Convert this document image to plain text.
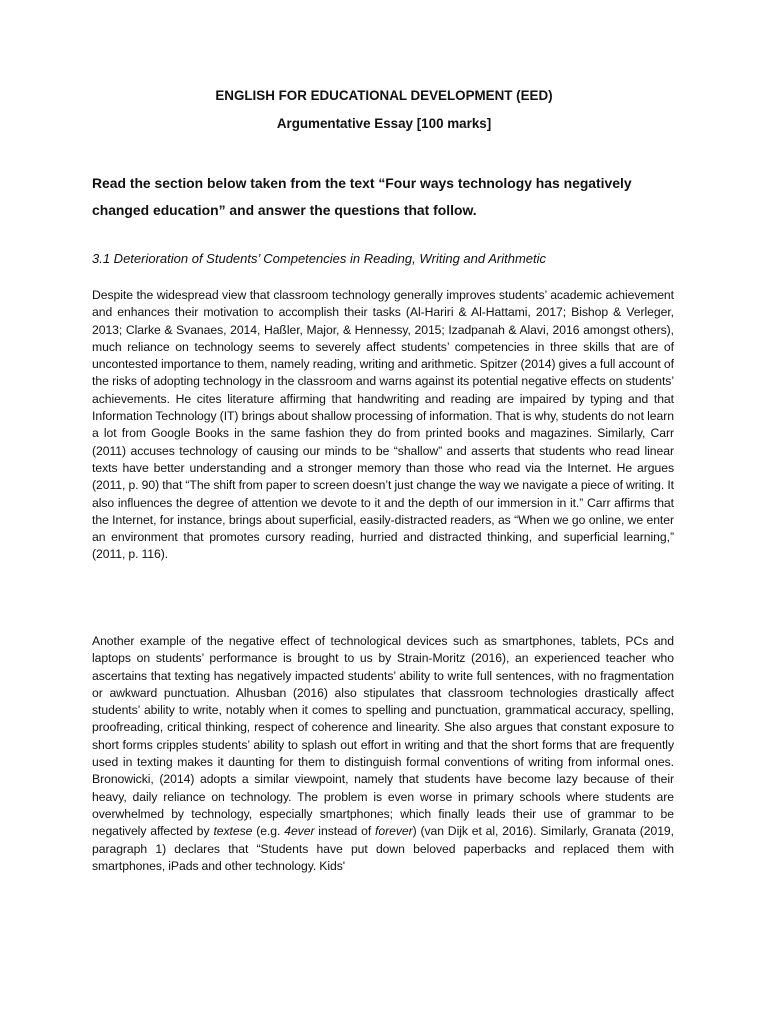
ENGLISH FOR EDUCATIONAL DEVELOPMENT (EED)

Argumentative Essay [100 marks]

Read the section below taken from the text “Four ways technology has negatively changed education” and answer the questions that follow.

3.1 Deterioration of Students’ Competencies in Reading, Writing and Arithmetic

Despite the widespread view that classroom technology generally improves students’ academic achievement and enhances their motivation to accomplish their tasks (Al-Hariri & Al-Hattami, 2017; Bishop & Verleger, 2013; Clarke & Svanaes, 2014, Haßler, Major, & Hennessy, 2015; Izadpanah & Alavi, 2016 amongst others), much reliance on technology seems to severely affect students’ competencies in three skills that are of uncontested importance to them, namely reading, writing and arithmetic. Spitzer (2014) gives a full account of the risks of adopting technology in the classroom and warns against its potential negative effects on students’ achievements. He cites literature affirming that handwriting and reading are impaired by typing and that Information Technology (IT) brings about shallow processing of information. That is why, students do not learn a lot from Google Books in the same fashion they do from printed books and magazines. Similarly, Carr (2011) accuses technology of causing our minds to be “shallow” and asserts that students who read linear texts have better understanding and a stronger memory than those who read via the Internet. He argues (2011, p. 90) that “The shift from paper to screen doesn’t just change the way we navigate a piece of writing. It also influences the degree of attention we devote to it and the depth of our immersion in it.” Carr affirms that the Internet, for instance, brings about superficial, easily-distracted readers, as “When we go online, we enter an environment that promotes cursory reading, hurried and distracted thinking, and superficial learning,” (2011, p. 116).

Another example of the negative effect of technological devices such as smartphones, tablets, PCs and laptops on students’ performance is brought to us by Strain-Moritz (2016), an experienced teacher who ascertains that texting has negatively impacted students’ ability to write full sentences, with no fragmentation or awkward punctuation. Alhusban (2016) also stipulates that classroom technologies drastically affect students’ ability to write, notably when it comes to spelling and punctuation, grammatical accuracy, spelling, proofreading, critical thinking, respect of coherence and linearity. She also argues that constant exposure to short forms cripples students’ ability to splash out effort in writing and that the short forms that are frequently used in texting makes it daunting for them to distinguish formal conventions of writing from informal ones. Bronowicki, (2014) adopts a similar viewpoint, namely that students have become lazy because of their heavy, daily reliance on technology. The problem is even worse in primary schools where students are overwhelmed by technology, especially smartphones; which finally leads their use of grammar to be negatively affected by textese (e.g. 4ever instead of forever) (van Dijk et al, 2016). Similarly, Granata (2019, paragraph 1) declares that “Students have put down beloved paperbacks and replaced them with smartphones, iPads and other technology. Kids'
